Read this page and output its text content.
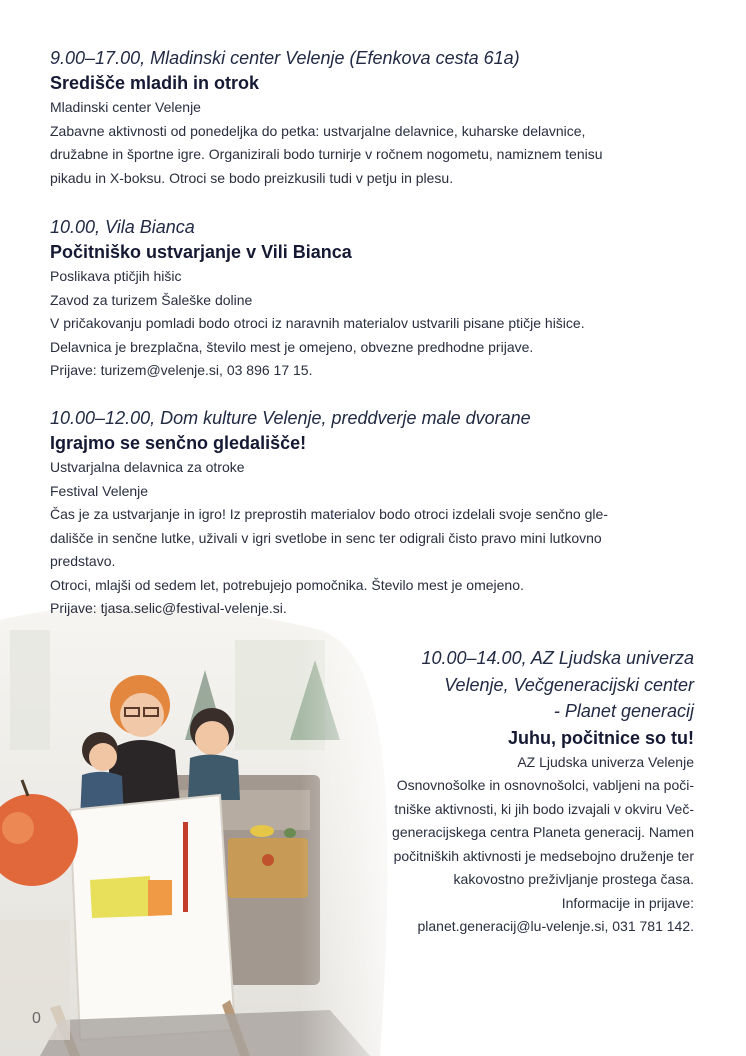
9.00–17.00, Mladinski center Velenje (Efenkova cesta 61a)
Središče mladih in otrok
Mladinski center Velenje
Zabavne aktivnosti od ponedeljka do petka: ustvarjalne delavnice, kuharske delavnice,
družabne in športne igre. Organizirali bodo turnirje v ročnem nogometu, namiznem tenisu
pikadu in X-boksu. Otroci se bodo preizkusili tudi v petju in plesu.
10.00, Vila Bianca
Počitniško ustvarjanje v Vili Bianca
Poslikava ptičjih hišic
Zavod za turizem Šaleške doline
V pričakovanju pomladi bodo otroci iz naravnih materialov ustvarili pisane ptičje hišice.
Delavnica je brezplačna, število mest je omejeno, obvezne predhodne prijave.
Prijave: turizem@velenje.si, 03 896 17 15.
10.00–12.00, Dom kulture Velenje, preddverje male dvorane
Igrajmo se senčno gledališče!
Ustvarjalna delavnica za otroke
Festival Velenje
Čas je za ustvarjanje in igro! Iz preprostih materialov bodo otroci izdelali svoje senčno gle-
dališče in senčne lutke, uživali v igri svetlobe in senc ter odigrali čisto pravo mini lutkovno
predstavo.
Otroci, mlajši od sedem let, potrebujejo pomočnika. Število mest je omejeno.
Prijave: tjasa.selic@festival-velenje.si.
10.00–14.00, AZ Ljudska univerza
Velenje, Večgeneracijski center
- Planet generacij
Juhu, počitnice so tu!
AZ Ljudska univerza Velenje
Osnovnošolke in osnovnošolci, vabljeni na poči-
tniške aktivnosti, ki jih bodo izvajali v okviru Več-
generacijskega centra Planeta generacij. Namen
počitniških aktivnosti je medsebojno druženje ter
kakovostno preživljanje prostega časa.
Informacije in prijave:
planet.generacij@lu-velenje.si, 031 781 142.
0
